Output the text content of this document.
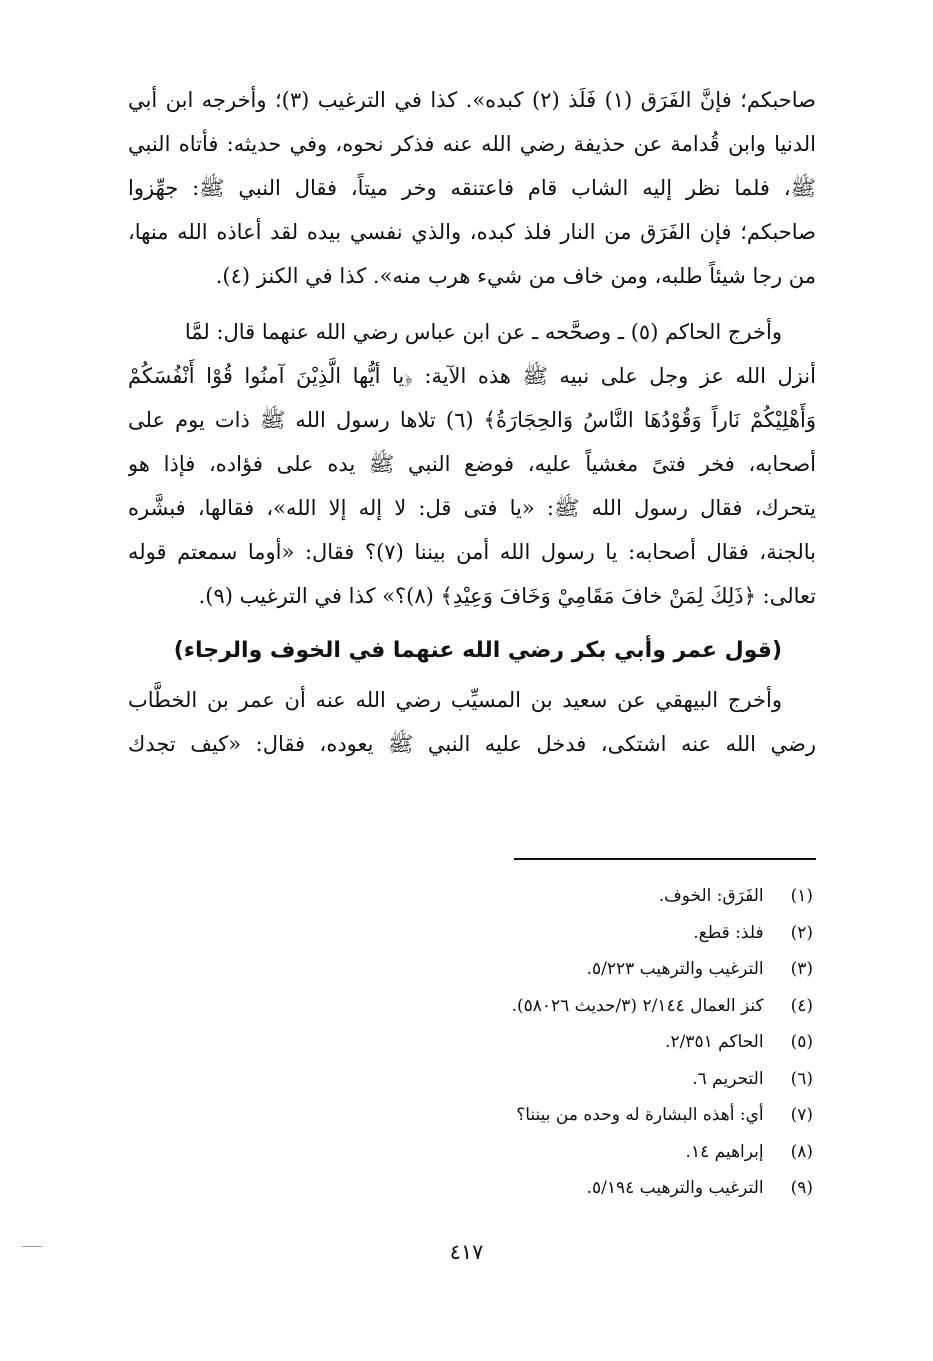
صاحبكم؛ فإنَّ الفَرَق (١) فَلَذ (٢) كبده». كذا في الترغيب (٣)؛ وأخرجه ابن أبي
الدنيا وابن قُدامة عن حذيفة رضي الله عنه فذكر نحوه، وفي حديثه: فأتاه النبي
ﷺ، فلما نظر إليه الشاب قام فاعتنقه وخر ميتاً، فقال النبي ﷺ: جهِّزوا
صاحبكم؛ فإن الفَرَق من النار فلذ كبده، والذي نفسي بيده لقد أعاذه الله منها،
من رجا شيئاً طلبه، ومن خاف من شيء هرب منه». كذا في الكنز (٤).
وأخرج الحاكم (٥) ـ وصحَّحه ـ عن ابن عباس رضي الله عنهما قال: لمَّا
أنزل الله عز وجل على نبيه ﷺ هذه الآية: ﴿يا أيُّها الَّذِيْنَ آمنُوا قُوْا أَنْفُسَكُمْ
وَأَهْلِيْكُمْ نَاراً وَقُوْدُهَا النَّاسُ وَالحِجَارَةُ﴾ (٦) تلاها رسول الله ﷺ ذات يوم على
أصحابه، فخر فتىً مغشياً عليه، فوضع النبي ﷺ يده على فؤاده، فإذا هو
يتحرك، فقال رسول الله ﷺ: «يا فتى قل: لا إله إلا الله»، فقالها، فبشَّره
بالجنة، فقال أصحابه: يا رسول الله أمن بيننا (٧)؟ فقال: «أوما سمعتم قوله
تعالى: ﴿ذَلِكَ لِمَنْ خافَ مَقَامِيْ وَخَافَ وَعِيْدِ﴾ (٨)؟» كذا في الترغيب (٩).
(قول عمر وأبي بكر رضي الله عنهما في الخوف والرجاء)
وأخرج البيهقي عن سعيد بن المسيِّب رضي الله عنه أن عمر بن الخطَّاب
رضي الله عنه اشتكى، فدخل عليه النبي ﷺ يعوده، فقال: «كيف تجدك
(١) الفَرَق: الخوف.
(٢) فلذ: قطع.
(٣) الترغيب والترهيب ٥/٢٢٣.
(٤) كنز العمال ٢/١٤٤ (٣/حديث ٥٨٠٢٦).
(٥) الحاكم ٢/٣٥١.
(٦) التحريم ٦.
(٧) أي: أهذه البشارة له وحده من بيننا؟
(٨) إبراهيم ١٤.
(٩) الترغيب والترهيب ٥/١٩٤.
٤١٧
